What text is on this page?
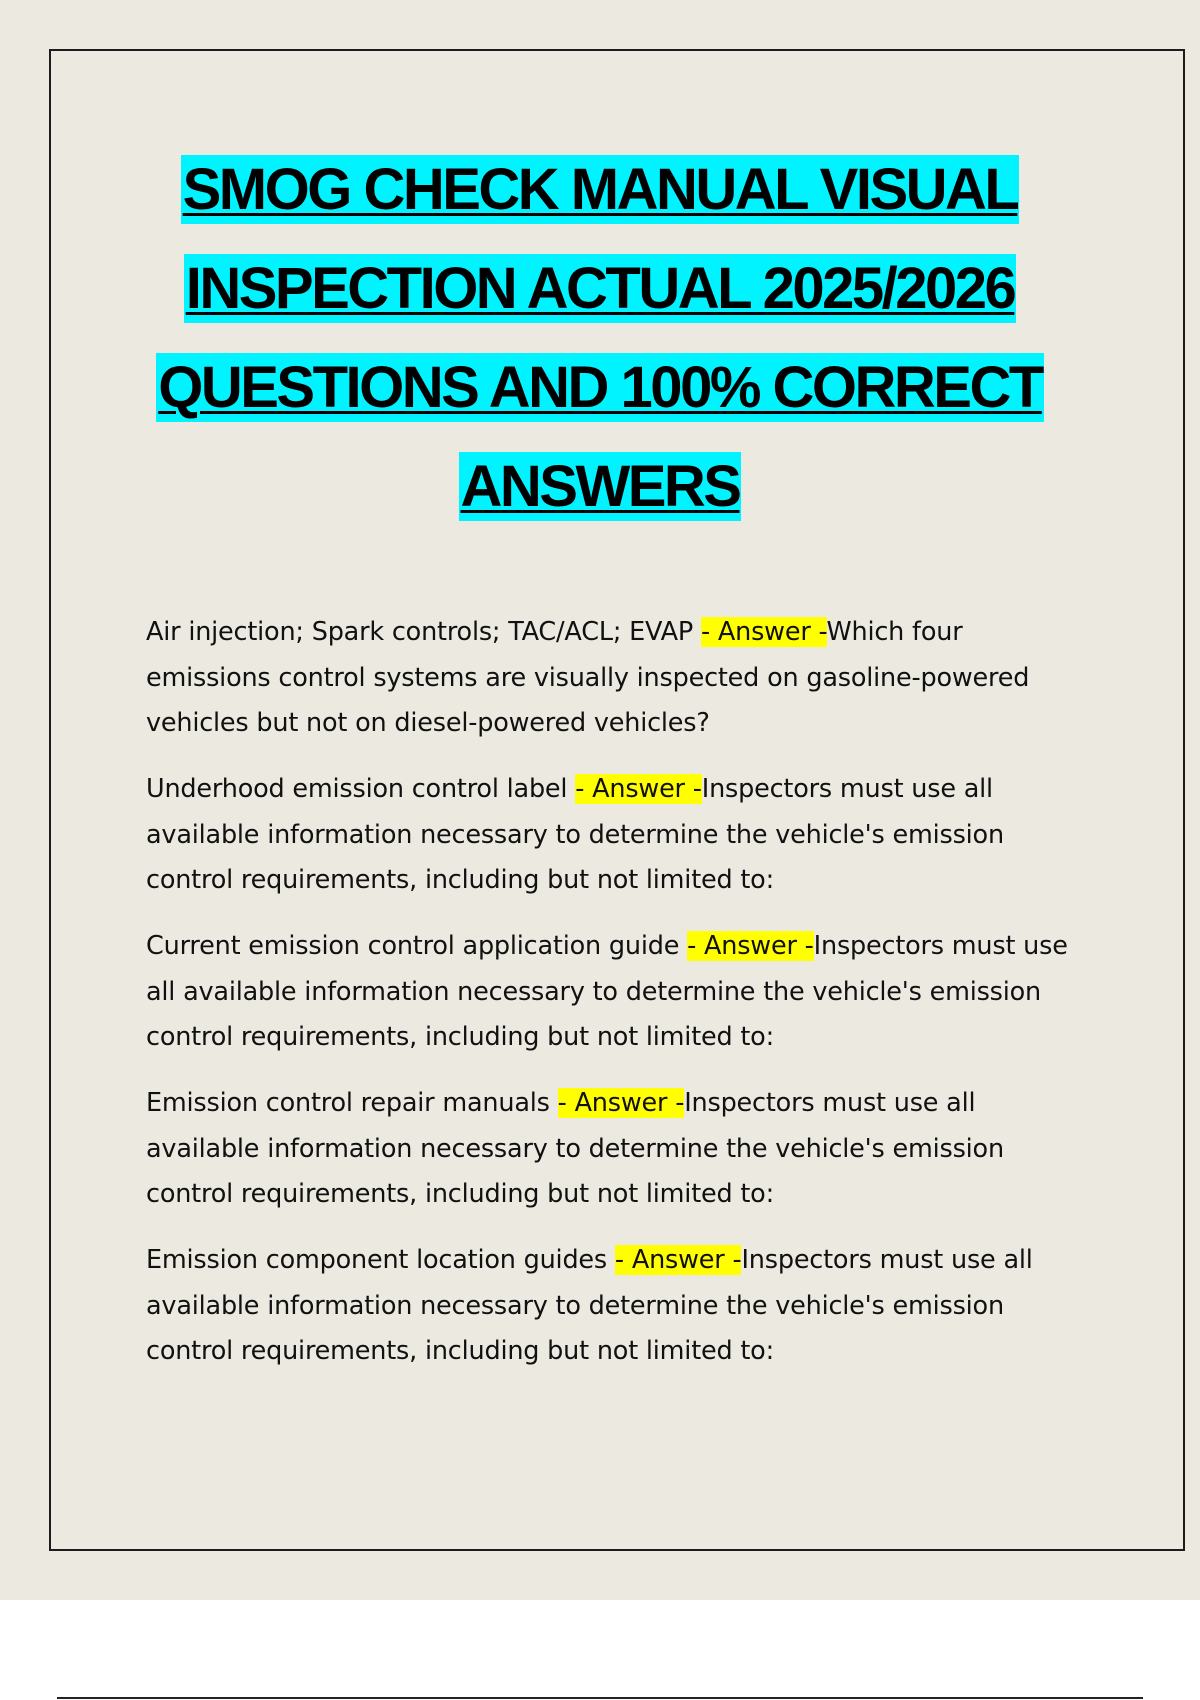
SMOG CHECK MANUAL VISUAL
INSPECTION ACTUAL 2025/2026
QUESTIONS AND 100% CORRECT
ANSWERS

Air injection; Spark controls; TAC/ACL; EVAP - Answer -Which four emissions control systems are visually inspected on gasoline-powered vehicles but not on diesel-powered vehicles?

Underhood emission control label - Answer -Inspectors must use all available information necessary to determine the vehicle's emission control requirements, including but not limited to:

Current emission control application guide - Answer -Inspectors must use all available information necessary to determine the vehicle's emission control requirements, including but not limited to:

Emission control repair manuals - Answer -Inspectors must use all available information necessary to determine the vehicle's emission control requirements, including but not limited to:

Emission component location guides - Answer -Inspectors must use all available information necessary to determine the vehicle's emission control requirements, including but not limited to:
